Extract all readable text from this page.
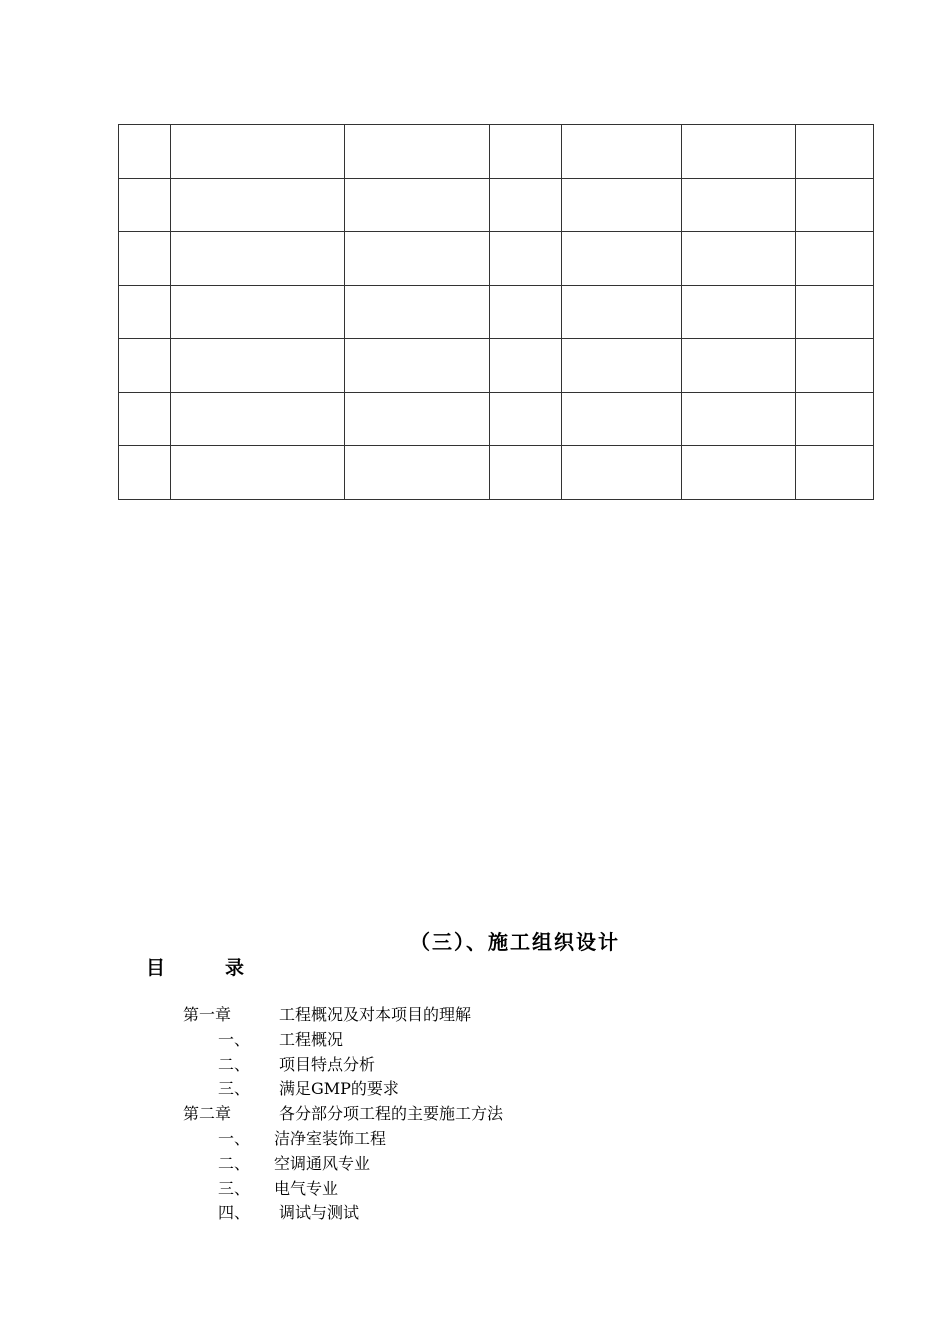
（三）、施工组织设计
目	录
第一章	工程概况及对本项目的理解
一、 工程概况
二、 项目特点分析
三、 满足GMP的要求
第二章	各分部分项工程的主要施工方法
一、 洁净室装饰工程
二、 空调通风专业
三、 电气专业
四、 调试与测试
